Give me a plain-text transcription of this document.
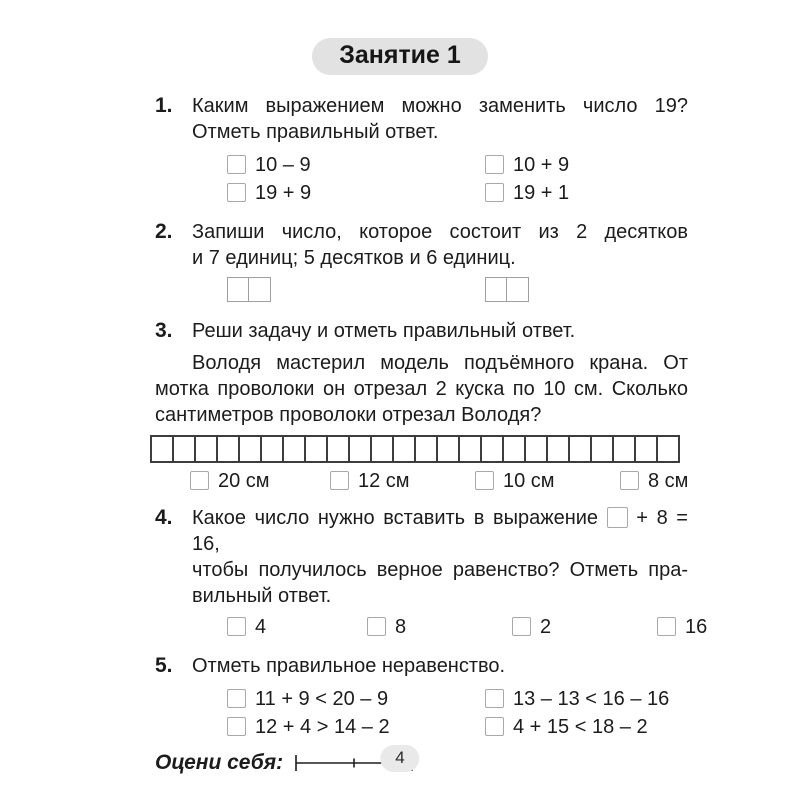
Занятие 1
1. Каким выражением можно заменить число 19?
Отметь правильный ответ.
10 – 9	10 + 9
19 + 9	19 + 1
2. Запиши число, которое состоит из 2 десятков
и 7 единиц; 5 десятков и 6 единиц.
3. Реши задачу и отметь правильный ответ.
Володя мастерил модель подъёмного крана. От
мотка проволоки он отрезал 2 куска по 10 см. Сколько
сантиметров проволоки отрезал Володя?
20 см	12 см	10 см	8 см
4. Какое число нужно вставить в выражение + 8 = 16,
чтобы получилось верное равенство? Отметь пра-
вильный ответ.
4	8	2	16
5. Отметь правильное неравенство.
11 + 9 < 20 – 9	13 – 13 < 16 – 16
12 + 4 > 14 – 2	4 + 15 < 18 – 2
Оцени себя:	4
